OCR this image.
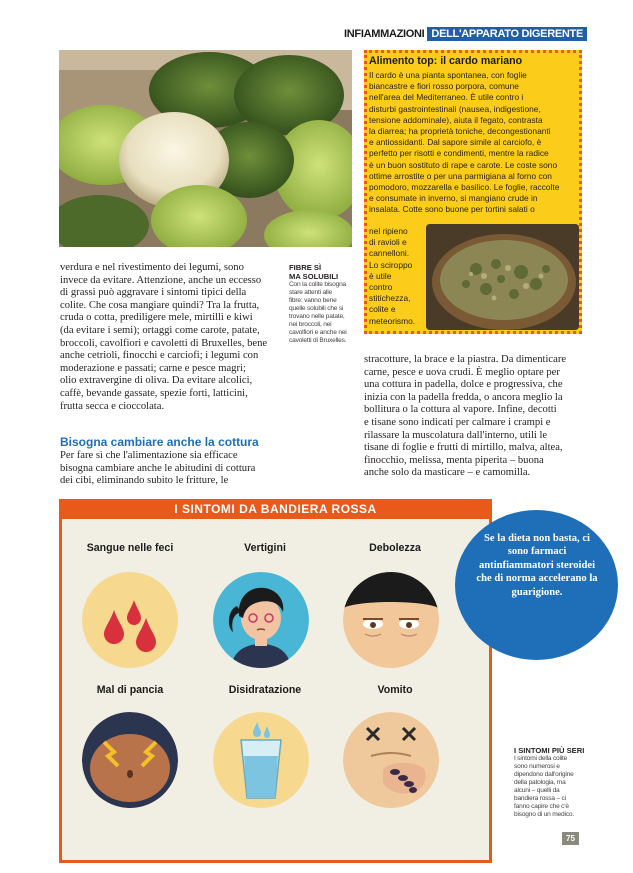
INFIAMMAZIONI DELL'APPARATO DIGERENTE
verdura e nel rivestimento dei legumi, sono
invece da evitare. Attenzione, anche un eccesso
di grassi può aggravare i sintomi tipici della
colite. Che cosa mangiare quindi? Tra la frutta,
cruda o cotta, prediligere mele, mirtilli e kiwi
(da evitare i semi); ortaggi come carote, patate,
broccoli, cavolfiori e cavoletti di Bruxelles, bene
anche cetrioli, finocchi e carciofi; i legumi con
moderazione e passati; carne e pesce magri;
olio extravergine di oliva. Da evitare alcolici,
caffè, bevande gassate, spezie forti, latticini,
frutta secca e cioccolata.
Bisogna cambiare anche la cottura
Per fare sì che l'alimentazione sia efficace
bisogna cambiare anche le abitudini di cottura
dei cibi, eliminando subito le fritture, le
FIBRE SÌ
MA SOLUBILI
Con la colite bisogna
stare attenti alle
fibre: vanno bene
quelle solubili che si
trovano nelle patate,
nei broccoli, nei
cavolfiori e anche nei
cavoletti di Bruxelles.
Alimento top: il cardo mariano
Il cardo è una pianta spontanea, con foglie
biancastre e fiori rosso porpora, comune
nell'area del Mediterraneo. È utile contro i
disturbi gastrointestinali (nausea, indigestione,
tensione addominale), aiuta il fegato, contrasta
la diarrea; ha proprietà toniche, decongestionanti
e antiossidanti. Dal sapore simile al carciofo, è
perfetto per risotti e condimenti, mentre la radice
è un buon sostituto di rape e carote. Le coste sono
ottime arrostite o per una parmigiana al forno con
pomodoro, mozzarella e basilico. Le foglie, raccolte
e consumate in inverno, si mangiano crude in
insalata. Cotte sono buone per tortini salati o
nel ripieno
di ravioli e
cannelloni.
Lo sciroppo
è utile
contro
stitichezza,
colite e
meteorismo.
stracotture, la brace e la piastra. Da dimenticare
carne, pesce e uova crudi. È meglio optare per
una cottura in padella, dolce e progressiva, che
inizia con la padella fredda, o ancora meglio la
bollitura o la cottura al vapore. Infine, decotti
e tisane sono indicati per calmare i crampi e
rilassare la muscolatura dall'interno, utili le
tisane di foglie e frutti di mirtillo, malva, altea,
finocchio, melissa, menta piperita – buona
anche solo da masticare – e camomilla.
I SINTOMI DA BANDIERA ROSSA
Sangue nelle feci	Vertigini	Debolezza
Mal di pancia	Disidratazione	Vomito
Se la dieta non basta, ci sono farmaci antinfiammatori steroidei che di norma accelerano la guarigione.
I SINTOMI PIÙ SERI
I sintomi della colite
sono numerosi e
dipendono dall'origine
della patologia, ma
alcuni – quelli da
bandiera rossa – ci
fanno capire che c'è
bisogno di un medico.
75
